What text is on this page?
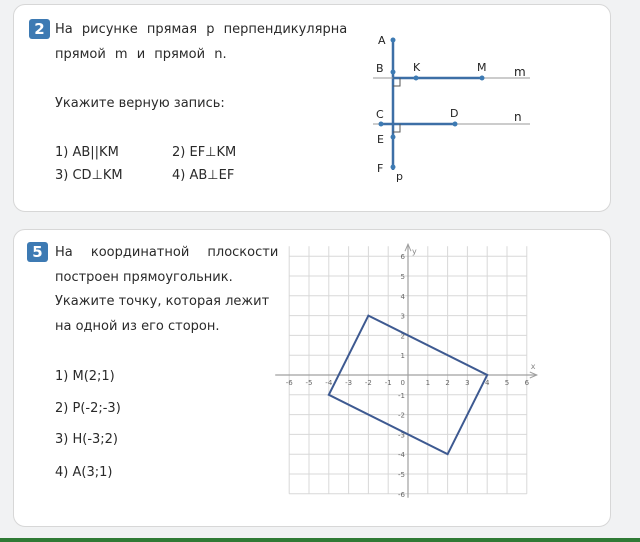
2 На рисунке прямая р перпендикулярна
прямой m и прямой n.
Укажите верную запись:
1) AB||KM	2) EF⊥KM
3) CD⊥KM	4) AB⊥EF
A
B	K	M m
C	D	n
E
F
p
5 На координатной плоскости
построен прямоугольник.
Укажите точку, которая лежит
на одной из его сторон.
1) M(2;1)
2) P(-2;-3)
3) H(-3;2)
4) A(3;1)
x
y
-6 -5 -4 -3 -2 -1	1 2 3 4 5 6
6
5
4
3
2
1
-1
-2
-3
-4
-5
-6
0
